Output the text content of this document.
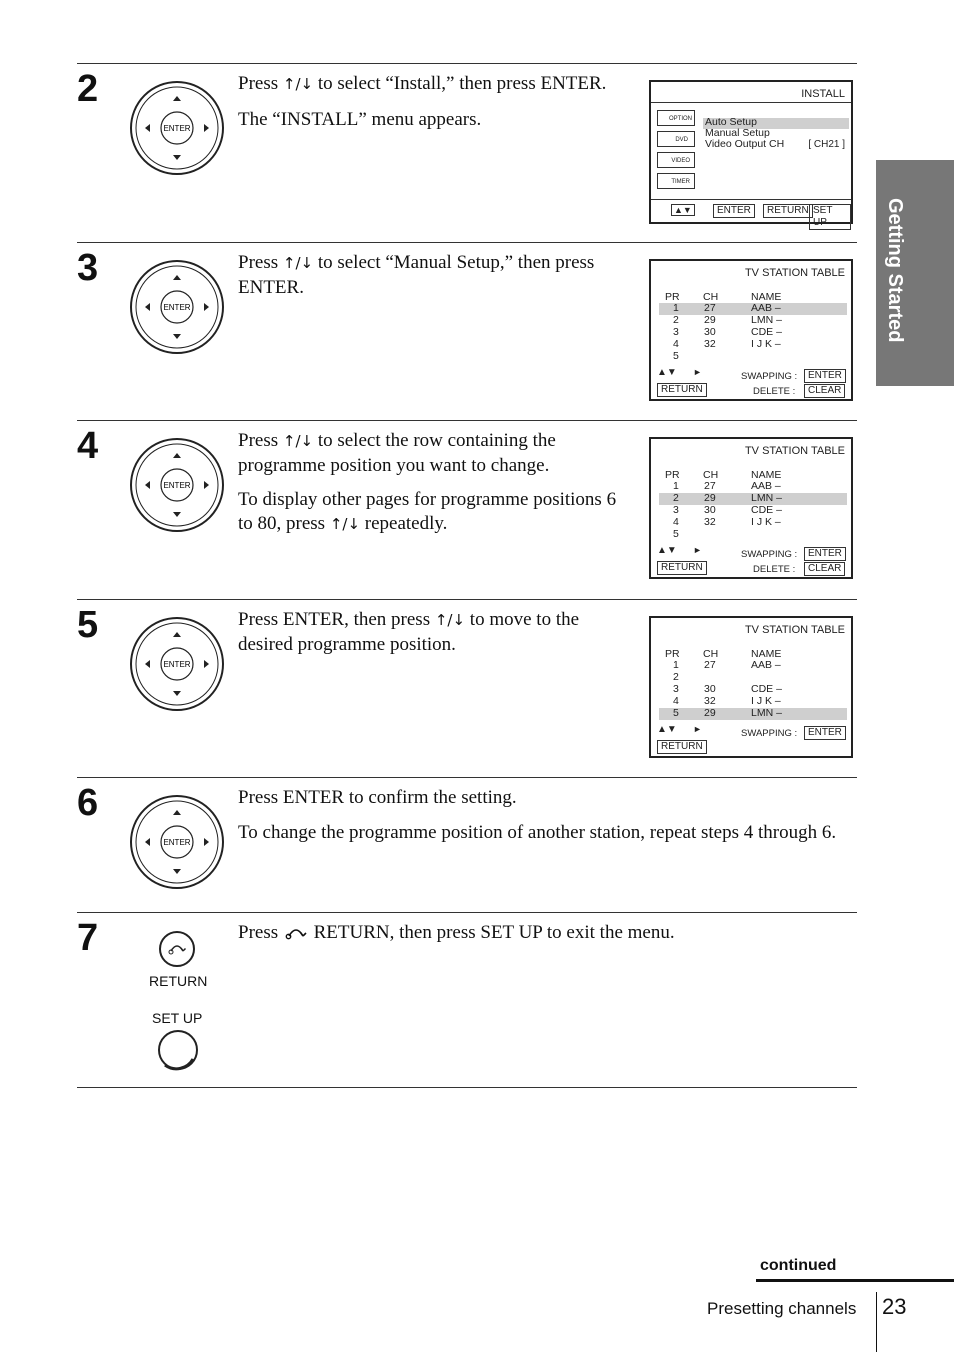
Getting Started
2
ENTER

Press ↑/↓ to select “Install,” then press ENTER.

The “INSTALL” menu appears.

INSTALL
OPTION
DVD
VIDEO
TIMER
Auto Setup
Manual Setup
Video Output CH [ CH21 ]
▲▼	ENTER	RETURN SET UP
3
ENTER

Press ↑/↓ to select “Manual Setup,” then press ENTER.

TV STATION TABLE
PR CH	NAME
1 27	AAB –
2 29	LMN –
3 30	CDE –
4 32	I J K –
5
▲▼ ►	SWAPPING :	ENTER
RETURN	DELETE :	CLEAR
4
ENTER

Press ↑/↓ to select the row containing the programme position you want to change.

To display other pages for programme positions 6 to 80, press ↑/↓ repeatedly.

TV STATION TABLE
PR CH	NAME
1 27	AAB –
2 29	LMN –
3 30	CDE –
4 32	I J K –
5
▲▼ ►	SWAPPING :	ENTER
RETURN	DELETE :	CLEAR
5
ENTER

Press ENTER, then press ↑/↓ to move to the desired programme position.

TV STATION TABLE
PR CH	NAME
1 27	AAB –
2
3 30	CDE –
4 32	I J K –
5 29	LMN –
▲▼ ►	SWAPPING :	ENTER
RETURN
6
ENTER

Press ENTER to confirm the setting.

To change the programme position of another station, repeat steps 4 through 6.

7
RETURN
SET UP

Press  RETURN, then press SET UP to exit the menu.

continued
Presetting channels 23
